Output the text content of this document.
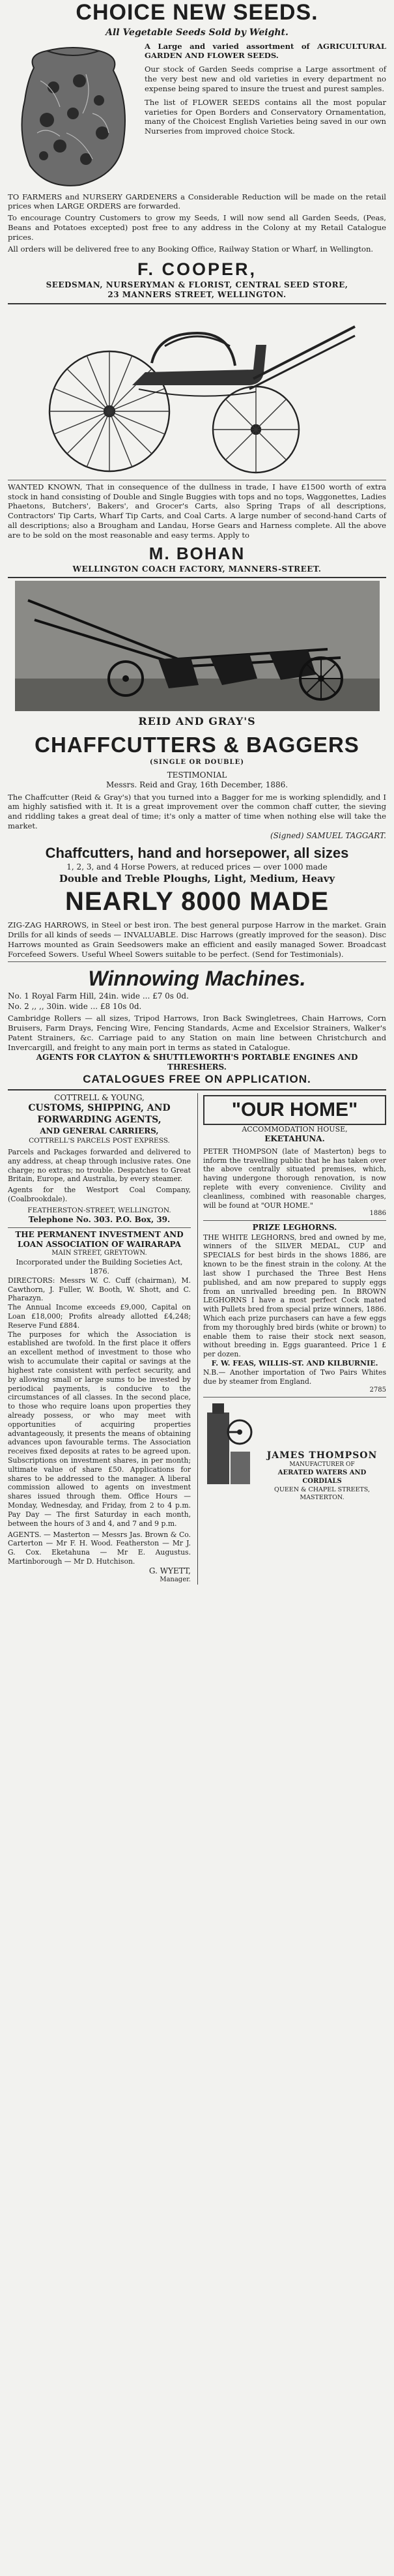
CHOICE NEW SEEDS.
All Vegetable Seeds Sold by Weight.

A Large and varied assortment of AGRICULTURAL GARDEN AND FLOWER SEEDS.

Our stock of Garden Seeds comprise a Large assortment of the very best new and old varieties in every department no expense being spared to insure the truest and purest samples.

The list of FLOWER SEEDS contains all the most popular varieties for Open Borders and Conservatory Ornamentation, many of the Choicest English Varieties being saved in our own Nurseries from improved choice Stock.

TO FARMERS and NURSERY GARDENERS a Considerable Reduction will be made on the retail prices when LARGE ORDERS are forwarded.

To encourage Country Customers to grow my Seeds, I will now send all Garden Seeds, (Peas, Beans and Potatoes excepted) post free to any address in the Colony at my Retail Catalogue prices.

All orders will be delivered free to any Booking Office, Railway Station or Wharf, in Wellington.

F. COOPER,
SEEDSMAN, NURSERYMAN & FLORIST, CENTRAL SEED STORE,
23 MANNERS STREET, WELLINGTON.

WANTED KNOWN, That in consequence of the dullness in trade, I have £1500 worth of extra stock in hand consisting of Double and Single Buggies with tops and no tops, Waggonettes, Ladies Phaetons, Butchers', Bakers', and Grocer's Carts, also Spring Traps of all descriptions, Contractors' Tip Carts, Wharf Tip Carts, and Coal Carts. A large number of second-hand Carts of all descriptions; also a Brougham and Landau, Horse Gears and Harness complete. All the above are to be sold on the most reasonable and easy terms. Apply to

M. BOHAN
WELLINGTON COACH FACTORY, MANNERS-STREET.
REID AND GRAY'S
CHAFFCUTTERS & BAGGERS
(SINGLE OR DOUBLE)
TESTIMONIAL
Messrs. Reid and Gray, 16th December, 1886.

The Chaffcutter (Reid & Gray's) that you turned into a Bagger for me is working splendidly, and I am highly satisfied with it. It is a great improvement over the common chaff cutter, the sieving and riddling takes a great deal of time; it's only a matter of time when nothing else will take the market.

(Signed) SAMUEL TAGGART.
Chaffcutters, hand and horsepower, all sizes
1, 2, 3, and 4 Horse Powers, at reduced prices — over 1000 made
Double and Treble Ploughs, Light, Medium, Heavy
NEARLY 8000 MADE

ZIG-ZAG HARROWS, in Steel or best iron. The best general purpose Harrow in the market. Grain Drills for all kinds of seeds — INVALUABLE. Disc Harrows (greatly improved for the season). Disc Harrows mounted as Grain Seedsowers make an efficient and easily managed Sower. Broadcast Forcefeed Sowers. Useful Wheel Sowers suitable to be perfect. (Send for Testimonials).

Winnowing Machines.
No. 1 Royal Farm Hill, 24in. wide ... £7 0s 0d.
No. 2 ,, ,, 30in. wide ... £8 10s 0d.

Cambridge Rollers — all sizes, Tripod Harrows, Iron Back Swingletrees, Chain Harrows, Corn Bruisers, Farm Drays, Fencing Wire, Fencing Standards, Acme and Excelsior Strainers, Walker's Patent Strainers, &c. Carriage paid to any Station on main line between Christchurch and Invercargill, and freight to any main port in terms as stated in Catalogue.

AGENTS FOR CLAYTON & SHUTTLEWORTH'S PORTABLE ENGINES AND THRESHERS.
CATALOGUES FREE ON APPLICATION.
COTTRELL & YOUNG,
CUSTOMS, SHIPPING, AND FORWARDING AGENTS,
AND GENERAL CARRIERS,
COTTRELL'S PARCELS POST EXPRESS.

Parcels and Packages forwarded and delivered to any address, at cheap through inclusive rates. One charge; no extras; no trouble. Despatches to Great Britain, Europe, and Australia, by every steamer.

Agents for the Westport Coal Company, (Coalbrookdale).

FEATHERSTON-STREET, WELLINGTON.
Telephone No. 303. P.O. Box, 39.
THE PERMANENT INVESTMENT AND LOAN ASSOCIATION OF WAIRARAPA
MAIN STREET, GREYTOWN.

Incorporated under the Building Societies Act, 1876.

DIRECTORS: Messrs W. C. Cuff (chairman), M. Cawthorn, J. Fuller, W. Booth, W. Shott, and C. Pharazyn.

The Annual Income exceeds £9,000, Capital on Loan £18,000; Profits already allotted £4,248; Reserve Fund £884.

The purposes for which the Association is established are twofold. In the first place it offers an excellent method of investment to those who wish to accumulate their capital or savings at the highest rate consistent with perfect security, and by allowing small or large sums to be invested by periodical payments, is conducive to the circumstances of all classes. In the second place, to those who require loans upon properties they already possess, or who may meet with opportunities of acquiring properties advantageously, it presents the means of obtaining advances upon favourable terms. The Association receives fixed deposits at rates to be agreed upon. Subscriptions on investment shares, in per month; ultimate value of share £50. Applications for shares to be addressed to the manager. A liberal commission allowed to agents on investment shares issued through them. Office Hours — Monday, Wednesday, and Friday, from 2 to 4 p.m. Pay Day — The first Saturday in each month, between the hours of 3 and 4, and 7 and 9 p.m.

AGENTS. — Masterton — Messrs Jas. Brown & Co. Carterton — Mr F. H. Wood. Featherston — Mr J. G. Cox. Eketahuna — Mr E. Augustus. Martinborough — Mr D. Hutchison.

G. WYETT,
Manager.
"OUR HOME"
ACCOMMODATION HOUSE,
EKETAHUNA.

PETER THOMPSON (late of Masterton) begs to inform the travelling public that he has taken over the above centrally situated premises, which, having undergone thorough renovation, is now replete with every convenience. Civility and cleanliness, combined with reasonable charges, will be found at "OUR HOME."

1886
PRIZE LEGHORNS.

THE WHITE LEGHORNS, bred and owned by me, winners of the SILVER MEDAL, CUP and SPECIALS for best birds in the shows 1886, are known to be the finest strain in the colony. At the last show I purchased the Three Best Hens published, and am now prepared to supply eggs from an unrivalled breeding pen. In BROWN LEGHORNS I have a most perfect Cock mated with Pullets bred from special prize winners, 1886. Which each prize purchasers can have a few eggs from my thoroughly bred birds (white or brown) to enable them to raise their stock next season, without breeding in. Eggs guaranteed. Price 1 £ per dozen.

F. W. FEAS, WILLIS-ST. AND KILBURNIE.

N.B.— Another importation of Two Pairs Whites due by steamer from England.

2785
JAMES THOMPSON
MANUFACTURER OF
AERATED WATERS AND CORDIALS
QUEEN & CHAPEL STREETS, MASTERTON.
